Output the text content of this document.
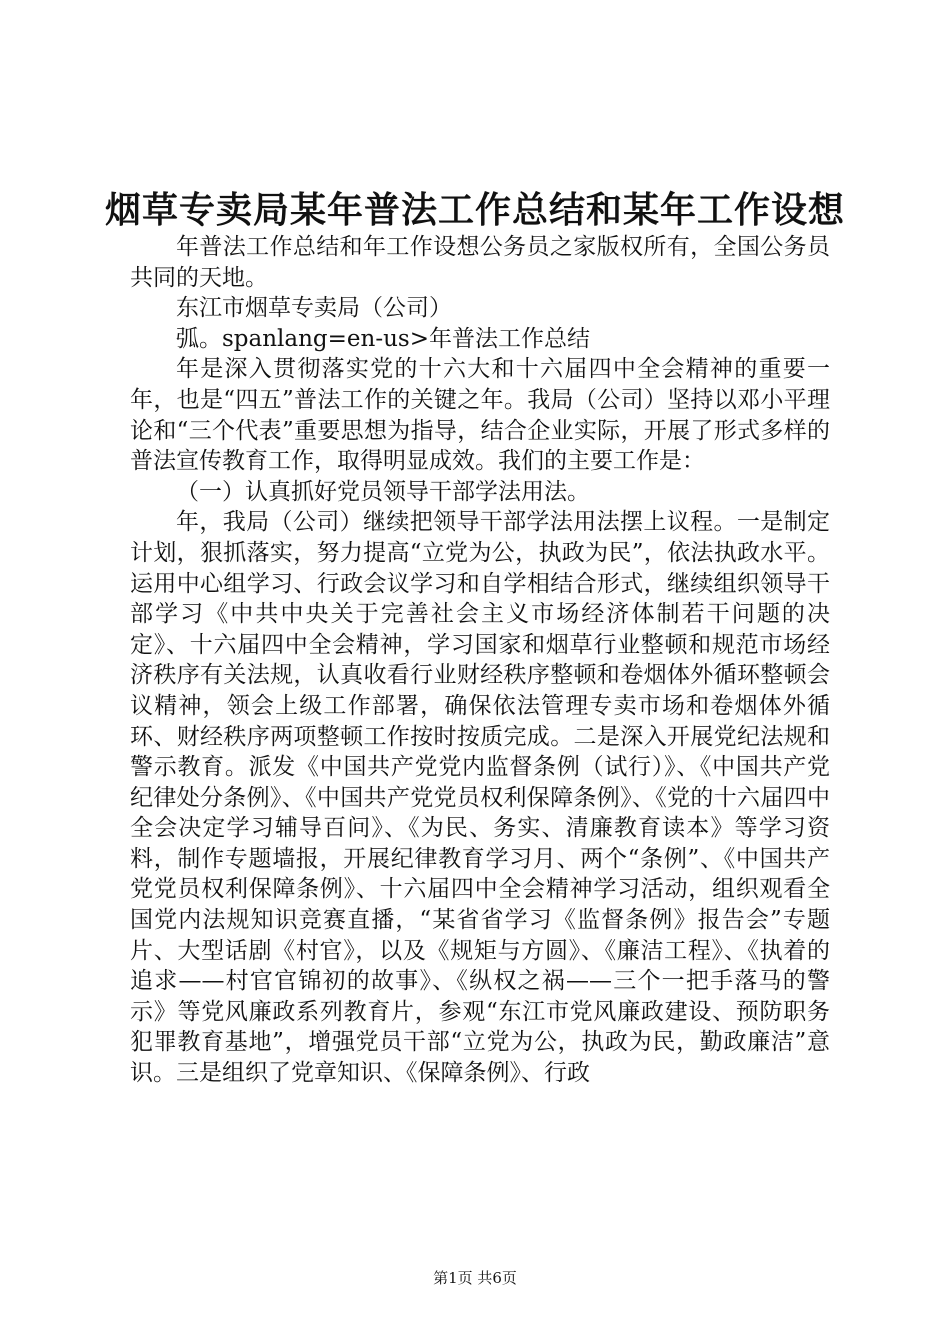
烟草专卖局某年普法工作总结和某年工作设想

年普法工作总结和年工作设想公务员之家版权所有，全国公务员共同的天地。

东江市烟草专卖局（公司）

弧。spanlang=en-us>年普法工作总结

年是深入贯彻落实党的十六大和十六届四中全会精神的重要一年，也是“四五”普法工作的关键之年。我局（公司）坚持以邓小平理论和“三个代表”重要思想为指导，结合企业实际，开展了形式多样的普法宣传教育工作，取得明显成效。我们的主要工作是：

（一）认真抓好党员领导干部学法用法。

年，我局（公司）继续把领导干部学法用法摆上议程。一是制定计划，狠抓落实，努力提高“立党为公，执政为民”，依法执政水平。运用中心组学习、行政会议学习和自学相结合形式，继续组织领导干部学习《中共中央关于完善社会主义市场经济体制若干问题的决定》、十六届四中全会精神，学习国家和烟草行业整顿和规范市场经济秩序有关法规，认真收看行业财经秩序整顿和卷烟体外循环整顿会议精神，领会上级工作部署，确保依法管理专卖市场和卷烟体外循环、财经秩序两项整顿工作按时按质完成。二是深入开展党纪法规和警示教育。派发《中国共产党党内监督条例（试行）》、《中国共产党纪律处分条例》、《中国共产党党员权利保障条例》、《党的十六届四中全会决定学习辅导百问》、《为民、务实、清廉教育读本》等学习资料，制作专题墙报，开展纪律教育学习月、两个“条例”、《中国共产党党员权利保障条例》、十六届四中全会精神学习活动，组织观看全国党内法规知识竞赛直播，“某省省学习《监督条例》报告会”专题片、大型话剧《村官》，以及《规矩与方圆》、《廉洁工程》、《执着的追求——村官官锦初的故事》、《纵权之祸——三个一把手落马的警示》等党风廉政系列教育片，参观“东江市党风廉政建设、预防职务犯罪教育基地”，增强党员干部“立党为公，执政为民，勤政廉洁”意识。三是组织了党章知识、《保障条例》、行政

第1页 共6页
